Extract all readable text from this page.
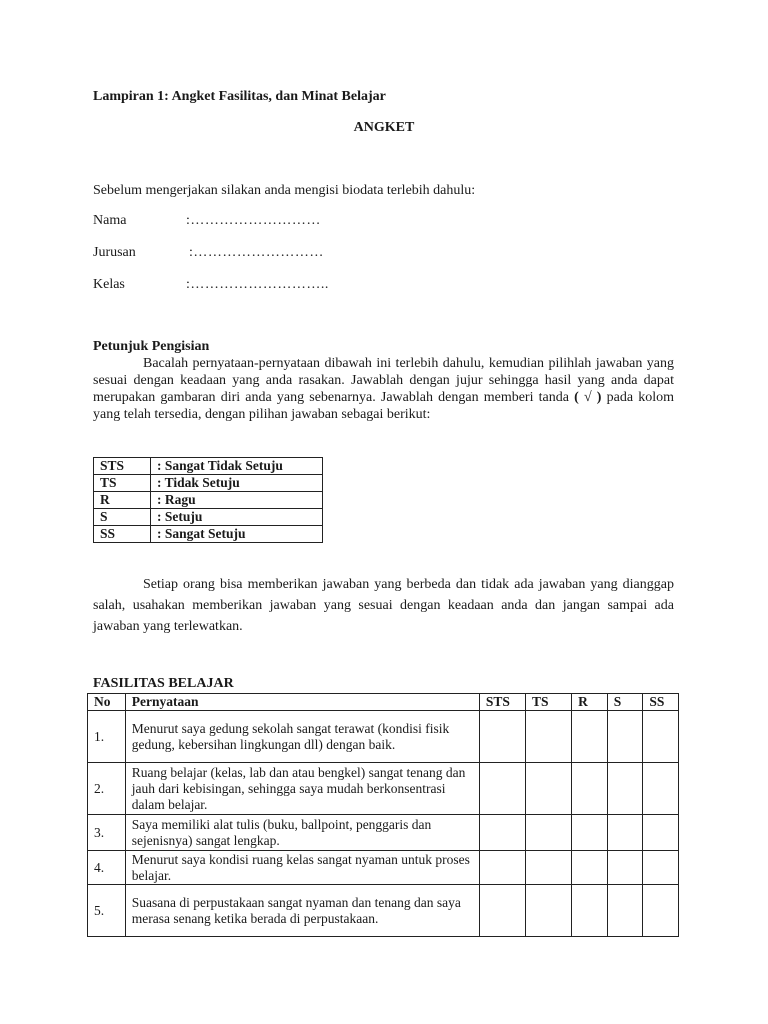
Lampiran 1: Angket Fasilitas, dan Minat Belajar
ANGKET
Sebelum mengerjakan silakan anda mengisi biodata terlebih dahulu:
Nama	:………………………
Jurusan	:………………………
Kelas	:………………………..
Petunjuk Pengisian
Bacalah pernyataan-pernyataan dibawah ini terlebih dahulu, kemudian pilihlah jawaban yang sesuai dengan keadaan yang anda rasakan. Jawablah dengan jujur sehingga hasil yang anda dapat merupakan gambaran diri anda yang sebenarnya. Jawablah dengan memberi tanda ( √ ) pada kolom yang telah tersedia, dengan pilihan jawaban sebagai berikut:
STS	: Sangat Tidak Setuju
TS	: Tidak Setuju
R	: Ragu
S	: Setuju
SS	: Sangat Setuju
Setiap orang bisa memberikan jawaban yang berbeda dan tidak ada jawaban yang dianggap salah, usahakan memberikan jawaban yang sesuai dengan keadaan anda dan jangan sampai ada jawaban yang terlewatkan.
FASILITAS BELAJAR
No	Pernyataan	STS	TS	R	S	SS
1.	Menurut saya gedung sekolah sangat terawat (kondisi fisik gedung, kebersihan lingkungan dll) dengan baik.					
2.	Ruang belajar (kelas, lab dan atau bengkel) sangat tenang dan jauh dari kebisingan, sehingga saya mudah berkonsentrasi dalam belajar.					
3.	Saya memiliki alat tulis (buku, ballpoint, penggaris dan sejenisnya) sangat lengkap.					
4.	Menurut saya kondisi ruang kelas sangat nyaman untuk proses belajar.					
5.	Suasana di perpustakaan sangat nyaman dan tenang dan saya merasa senang ketika berada di perpustakaan.					
